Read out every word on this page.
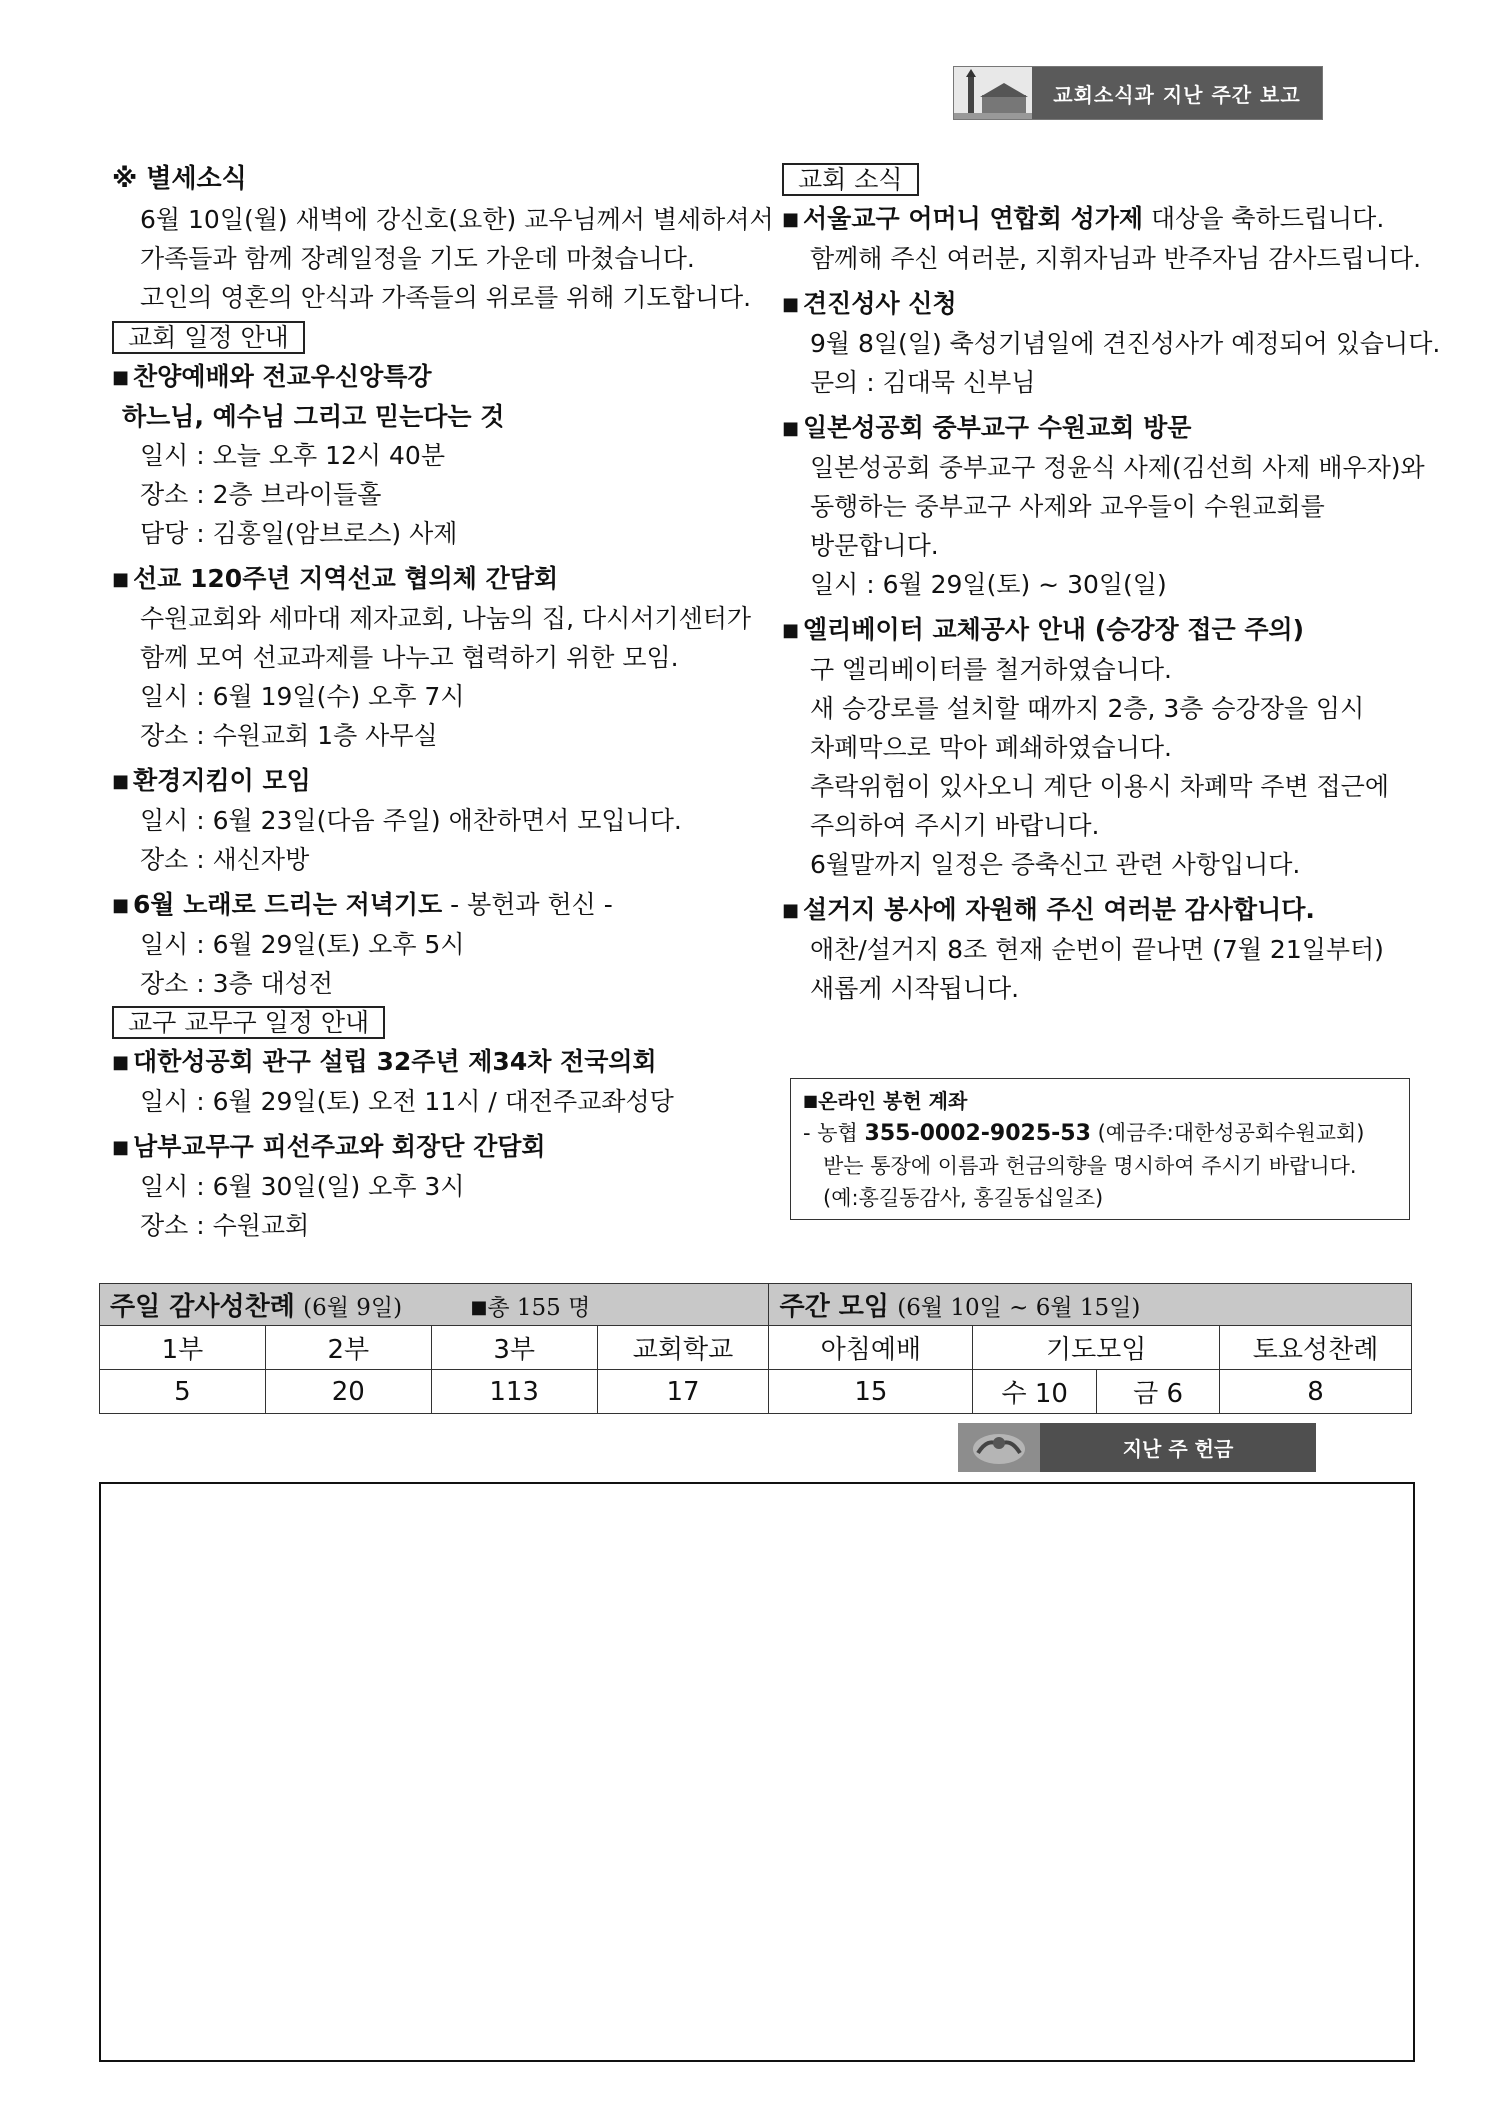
교회소식과 지난 주간 보고
※ 별세소식
6월 10일(월) 새벽에 강신호(요한) 교우님께서 별세하셔서
가족들과 함께 장례일정을 기도 가운데 마쳤습니다.
고인의 영혼의 안식과 가족들의 위로를 위해 기도합니다.
교회 일정 안내
■ 찬양예배와 전교우신앙특강
하느님, 예수님 그리고 믿는다는 것
일시 : 오늘 오후 12시 40분
장소 : 2층 브라이들홀
담당 : 김홍일(암브로스) 사제
■ 선교 120주년 지역선교 협의체 간담회
수원교회와 세마대 제자교회, 나눔의 집, 다시서기센터가
함께 모여 선교과제를 나누고 협력하기 위한 모임.
일시 : 6월 19일(수) 오후 7시
장소 : 수원교회 1층 사무실
■ 환경지킴이 모임
일시 : 6월 23일(다음 주일) 애찬하면서 모입니다.
장소 : 새신자방
■ 6월 노래로 드리는 저녁기도 - 봉헌과 헌신 -
일시 : 6월 29일(토) 오후 5시
장소 : 3층 대성전
교구 교무구 일정 안내
■ 대한성공회 관구 설립 32주년 제34차 전국의회
일시 : 6월 29일(토) 오전 11시 / 대전주교좌성당
■ 남부교무구 피선주교와 회장단 간담회
일시 : 6월 30일(일) 오후 3시
장소 : 수원교회
교회 소식
■ 서울교구 어머니 연합회 성가제 대상을 축하드립니다.
함께해 주신 여러분, 지휘자님과 반주자님 감사드립니다.
■ 견진성사 신청
9월 8일(일) 축성기념일에 견진성사가 예정되어 있습니다.
문의 : 김대묵 신부님
■ 일본성공회 중부교구 수원교회 방문
일본성공회 중부교구 정윤식 사제(김선희 사제 배우자)와
동행하는 중부교구 사제와 교우들이 수원교회를
방문합니다.
일시 : 6월 29일(토) ~ 30일(일)
■ 엘리베이터 교체공사 안내 (승강장 접근 주의)
구 엘리베이터를 철거하였습니다.
새 승강로를 설치할 때까지 2층, 3층 승강장을 임시
차폐막으로 막아 폐쇄하였습니다.
추락위험이 있사오니 계단 이용시 차폐막 주변 접근에
주의하여 주시기 바랍니다.
6월말까지 일정은 증축신고 관련 사항입니다.
■ 설거지 봉사에 자원해 주신 여러분 감사합니다.
애찬/설거지 8조 현재 순번이 끝나면 (7월 21일부터)
새롭게 시작됩니다.
■온라인 봉헌 계좌
- 농협 355-0002-9025-53 (예금주:대한성공회수원교회)
받는 통장에 이름과 헌금의향을 명시하여 주시기 바랍니다.
(예:홍길동감사, 홍길동십일조)
주일 감사성찬례 (6월 9일) ■총 155 명				주간 모임 (6월 10일 ~ 6월 15일)			
1부	2부	3부	교회학교	아침예배	기도모임		토요성찬례
5	20	113	17	15	수 10	금 6	8
지난 주 헌금
